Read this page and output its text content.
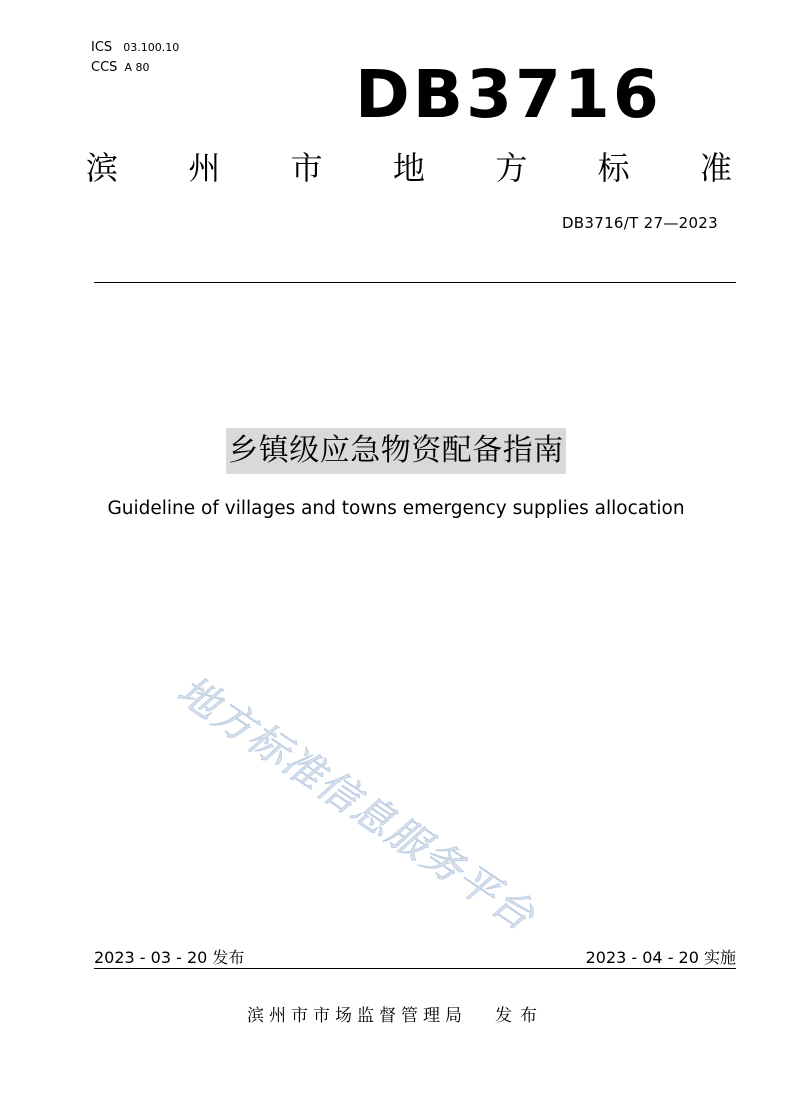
ICS 03.100.10
CCS A 80	DB3716
滨 州 市 地 方 标 准
DB3716/T 27—2023
乡镇级应急物资配备指南
Guideline of villages and towns emergency supplies allocation
地方标准信息服务平台
2023 - 03 - 20 发布	2023 - 04 - 20 实施
滨州市市场监督管理局 发布
